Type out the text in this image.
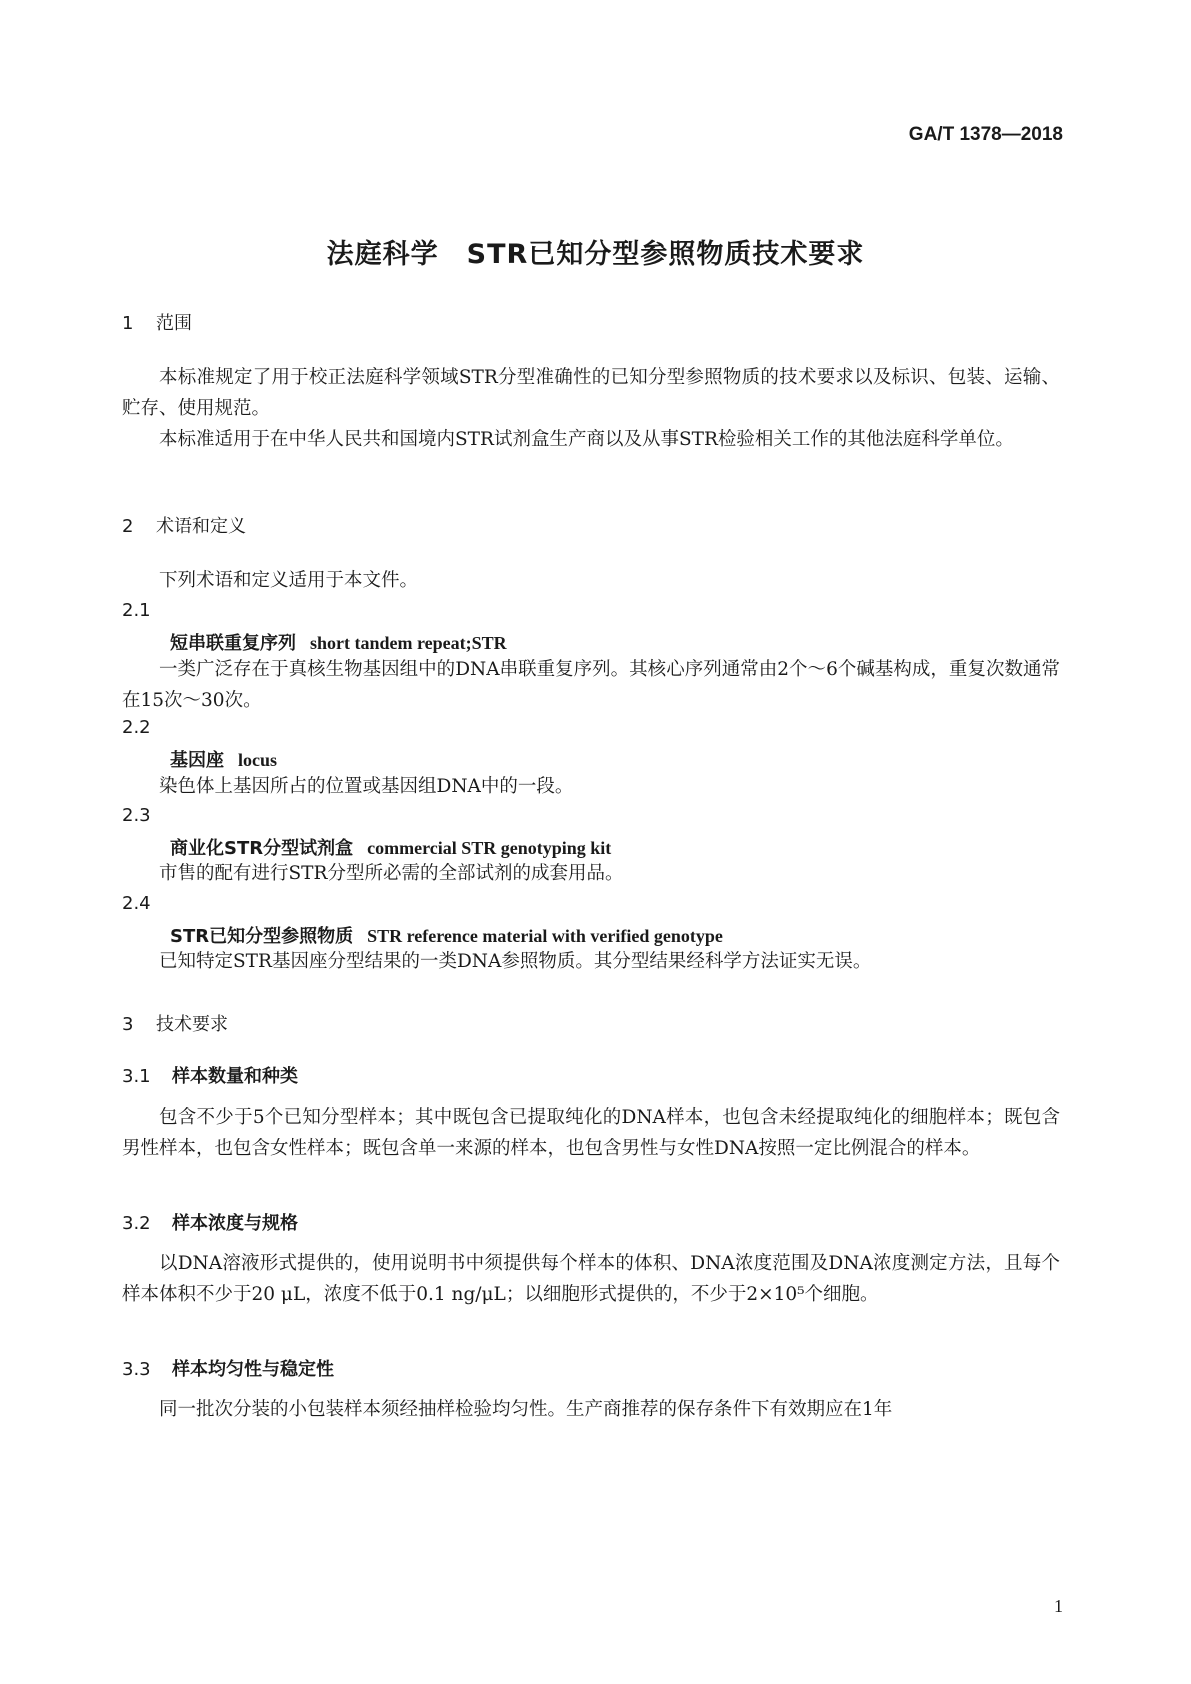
GA/T 1378—2018
法庭科学　STR已知分型参照物质技术要求
1 范围
本标准规定了用于校正法庭科学领域STR分型准确性的已知分型参照物质的技术要求以及标识、包装、运输、贮存、使用规范。
本标准适用于在中华人民共和国境内STR试剂盒生产商以及从事STR检验相关工作的其他法庭科学单位。
2 术语和定义
下列术语和定义适用于本文件。
2.1
短串联重复序列 short tandem repeat;STR
一类广泛存在于真核生物基因组中的DNA串联重复序列。其核心序列通常由2个～6个碱基构成，重复次数通常在15次～30次。
2.2
基因座 locus
染色体上基因所占的位置或基因组DNA中的一段。
2.3
商业化STR分型试剂盒 commercial STR genotyping kit
市售的配有进行STR分型所必需的全部试剂的成套用品。
2.4
STR已知分型参照物质 STR reference material with verified genotype
已知特定STR基因座分型结果的一类DNA参照物质。其分型结果经科学方法证实无误。
3 技术要求
3.1 样本数量和种类
包含不少于5个已知分型样本；其中既包含已提取纯化的DNA样本，也包含未经提取纯化的细胞样本；既包含男性样本，也包含女性样本；既包含单一来源的样本，也包含男性与女性DNA按照一定比例混合的样本。
3.2 样本浓度与规格
以DNA溶液形式提供的，使用说明书中须提供每个样本的体积、DNA浓度范围及DNA浓度测定方法，且每个样本体积不少于20 μL，浓度不低于0.1 ng/μL；以细胞形式提供的，不少于2×10⁵个细胞。
3.3 样本均匀性与稳定性
同一批次分装的小包装样本须经抽样检验均匀性。生产商推荐的保存条件下有效期应在1年
1
